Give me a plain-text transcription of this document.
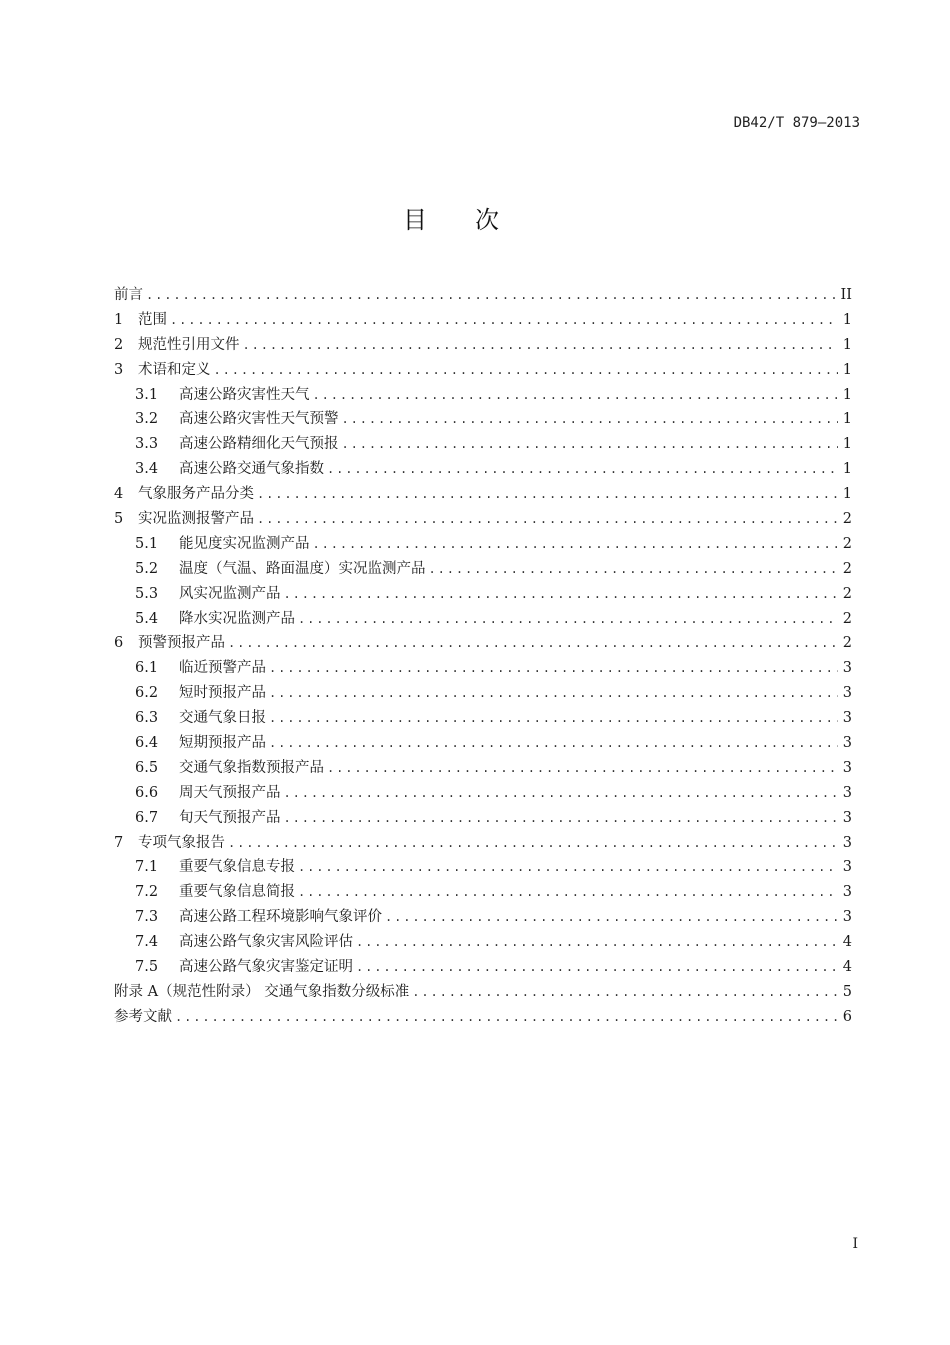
DB42/T 879—2013
目次
前言 .....	II
1	范围 .....	1
2	规范性引用文件 .....	1
3	术语和定义 .....	1
3.1	高速公路灾害性天气 .....	1
3.2	高速公路灾害性天气预警 .....	1
3.3	高速公路精细化天气预报 .....	1
3.4	高速公路交通气象指数 .....	1
4	气象服务产品分类 .....	1
5	实况监测报警产品 .....	2
5.1	能见度实况监测产品 .....	2
5.2	温度（气温、路面温度）实况监测产品 .....	2
5.3	风实况监测产品 .....	2
5.4	降水实况监测产品 .....	2
6	预警预报产品 .....	2
6.1	临近预警产品 .....	3
6.2	短时预报产品 .....	3
6.3	交通气象日报 .....	3
6.4	短期预报产品 .....	3
6.5	交通气象指数预报产品 .....	3
6.6	周天气预报产品 .....	3
6.7	旬天气预报产品 .....	3
7	专项气象报告 .....	3
7.1	重要气象信息专报 .....	3
7.2	重要气象信息简报 .....	3
7.3	高速公路工程环境影响气象评价 .....	3
7.4	高速公路气象灾害风险评估 .....	4
7.5	高速公路气象灾害鉴定证明 .....	4
附录 A（规范性附录） 交通气象指数分级标准 .....	5
参考文献 .....	6
I
